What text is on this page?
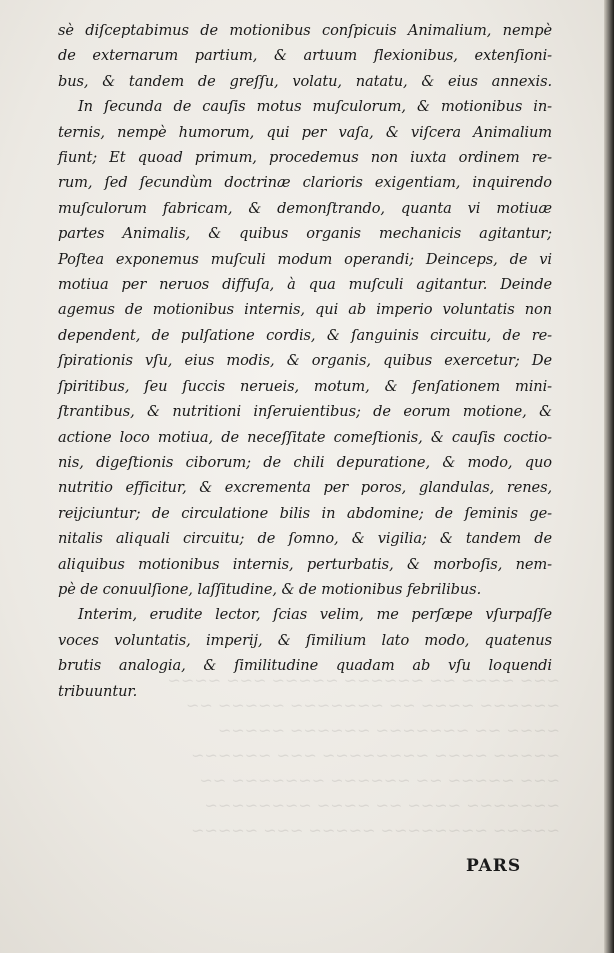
~~~ ~~~~ ~~ ~~~~~~ ~~~~~ ~~~ ~~~~
~~~~~~ ~~~~ ~~ ~~~~~~~ ~~~~~ ~~
~~~~ ~~ ~~~~~~~ ~~~~~~ ~~~~~
~~~~~ ~~~~ ~~~~~~~~ ~~~ ~~~~~~
~~~ ~~~~~ ~~ ~~~~~~ ~~~~~~~ ~~
~~~~~~~ ~~~~ ~~ ~~~~ ~~~~~~~~
~~~~~ ~~~~~~~~ ~~~~~ ~~~ ~~~~~
sè diſceptabimus de motionibus conſpicuis Animalium, nempè
de externarum partium, & artuum flexionibus, extenſioni-
bus, & tandem de greſſu, volatu, natatu, & eius annexis.
In ſecunda de cauſis motus muſculorum, & motionibus in-
ternis, nempè humorum, qui per vaſa, & viſcera Animalium
fiunt; Et quoad primum, procedemus non iuxta ordinem re-
rum, ſed ſecundùm doctrinæ clarioris exigentiam, inquirendo
muſculorum fabricam, & demonſtrando, quanta vi motiuæ
partes Animalis, & quibus organis mechanicis agitantur;
Poſtea exponemus muſculi modum operandi; Deinceps, de vi
motiua per neruos diffuſa, à qua muſculi agitantur. Deinde
agemus de motionibus internis, qui ab imperio voluntatis non
dependent, de pulſatione cordis, & ſanguinis circuitu, de re-
ſpirationis vſu, eius modis, & organis, quibus exercetur; De
ſpiritibus, ſeu ſuccis nerueis, motum, & ſenſationem mini-
ſtrantibus, & nutritioni inſeruientibus; de eorum motione, &
actione loco motiua, de neceſſitate comeſtionis, & cauſis coctio-
nis, digeſtionis ciborum; de chili depuratione, & modo, quo
nutritio efficitur, & excrementa per poros, glandulas, renes,
reijciuntur; de circulatione bilis in abdomine; de ſeminis ge-
nitalis aliquali circuitu; de ſomno, & vigilia; & tandem de
aliquibus motionibus internis, perturbatis, & morboſis, nem-
pè de conuulſione, laſſitudine, & de motionibus febrilibus.
Interim, erudite lector, ſcias velim, me perſæpe vſurpaſſe
voces voluntatis, imperij, & ſimilium lato modo, quatenus
brutis analogia, & ſimilitudine quadam ab vſu loquendi
tribuuntur.
PARS
